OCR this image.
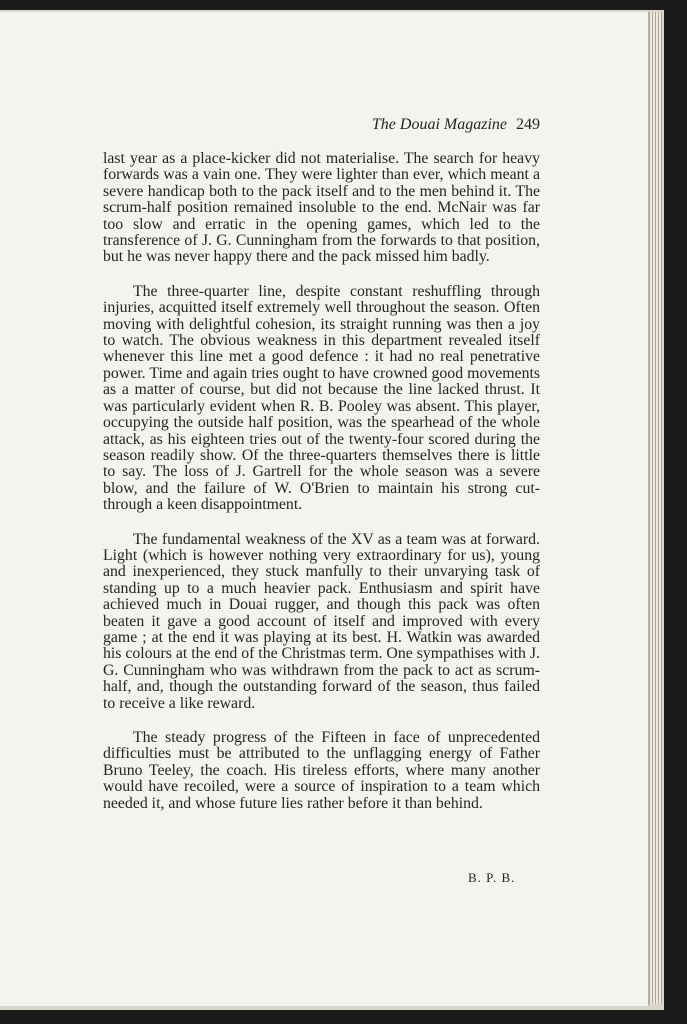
The Douai Magazine 249

last year as a place-kicker did not materialise. The search for heavy forwards was a vain one. They were lighter than ever, which meant a severe handicap both to the pack itself and to the men behind it. The scrum-half position remained insoluble to the end. McNair was far too slow and erratic in the opening games, which led to the transference of J. G. Cunningham from the forwards to that position, but he was never happy there and the pack missed him badly.

The three-quarter line, despite constant reshuffling through injuries, acquitted itself extremely well throughout the season. Often moving with delightful cohesion, its straight running was then a joy to watch. The obvious weakness in this department revealed itself whenever this line met a good defence : it had no real penetrative power. Time and again tries ought to have crowned good movements as a matter of course, but did not because the line lacked thrust. It was particularly evident when R. B. Pooley was absent. This player, occupying the outside half position, was the spearhead of the whole attack, as his eighteen tries out of the twenty-four scored during the season readily show. Of the three-quarters themselves there is little to say. The loss of J. Gartrell for the whole season was a severe blow, and the failure of W. O'Brien to maintain his strong cut-through a keen disappointment.

The fundamental weakness of the XV as a team was at forward. Light (which is however nothing very extraordinary for us), young and inexperienced, they stuck manfully to their unvarying task of standing up to a much heavier pack. Enthusiasm and spirit have achieved much in Douai rugger, and though this pack was often beaten it gave a good account of itself and improved with every game ; at the end it was playing at its best. H. Watkin was awarded his colours at the end of the Christmas term. One sympathises with J. G. Cunningham who was withdrawn from the pack to act as scrum-half, and, though the outstanding forward of the season, thus failed to receive a like reward.

The steady progress of the Fifteen in face of unprecedented difficulties must be attributed to the unflagging energy of Father Bruno Teeley, the coach. His tireless efforts, where many another would have recoiled, were a source of inspiration to a team which needed it, and whose future lies rather before it than behind.

B. P. B.
